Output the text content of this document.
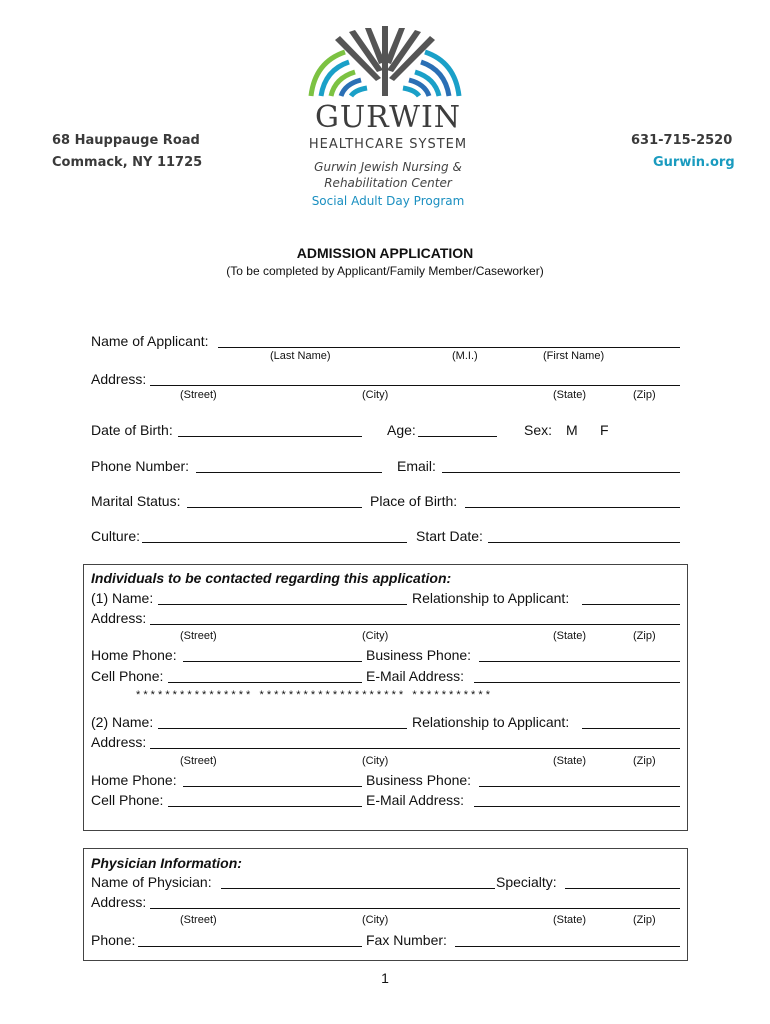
68 Hauppauge Road
Commack, NY 11725
631-715-2520
Gurwin.org
GURWIN
HEALTHCARE SYSTEM
Gurwin Jewish Nursing &
Rehabilitation Center
Social Adult Day Program
ADMISSION APPLICATION
(To be completed by Applicant/Family Member/Caseworker)
Name of Applicant:
(Last Name)	(M.I.)	(First Name)
Address:
(Street)	(City)	(State)	(Zip)
Date of Birth:	Age:	Sex: M F
Phone Number:	Email:
Marital Status:	Place of Birth:
Culture:	Start Date:
Individuals to be contacted regarding this application:
(1) Name:	Relationship to Applicant:
Address:
(Street)	(City)	(State)	(Zip)
Home Phone:	Business Phone:
Cell Phone:	E-Mail Address:
* * * * * * * * * * * * * * * *   * * * * * * * * * * * * * * * * * * * *   * * * * * * * * * * *
(2) Name:	Relationship to Applicant:
Address:
(Street)	(City)	(State)	(Zip)
Home Phone:	Business Phone:
Cell Phone:	E-Mail Address:
Physician Information:
Name of Physician:	Specialty:
Address:
(Street)	(City)	(State)	(Zip)
Phone:	Fax Number:
1
